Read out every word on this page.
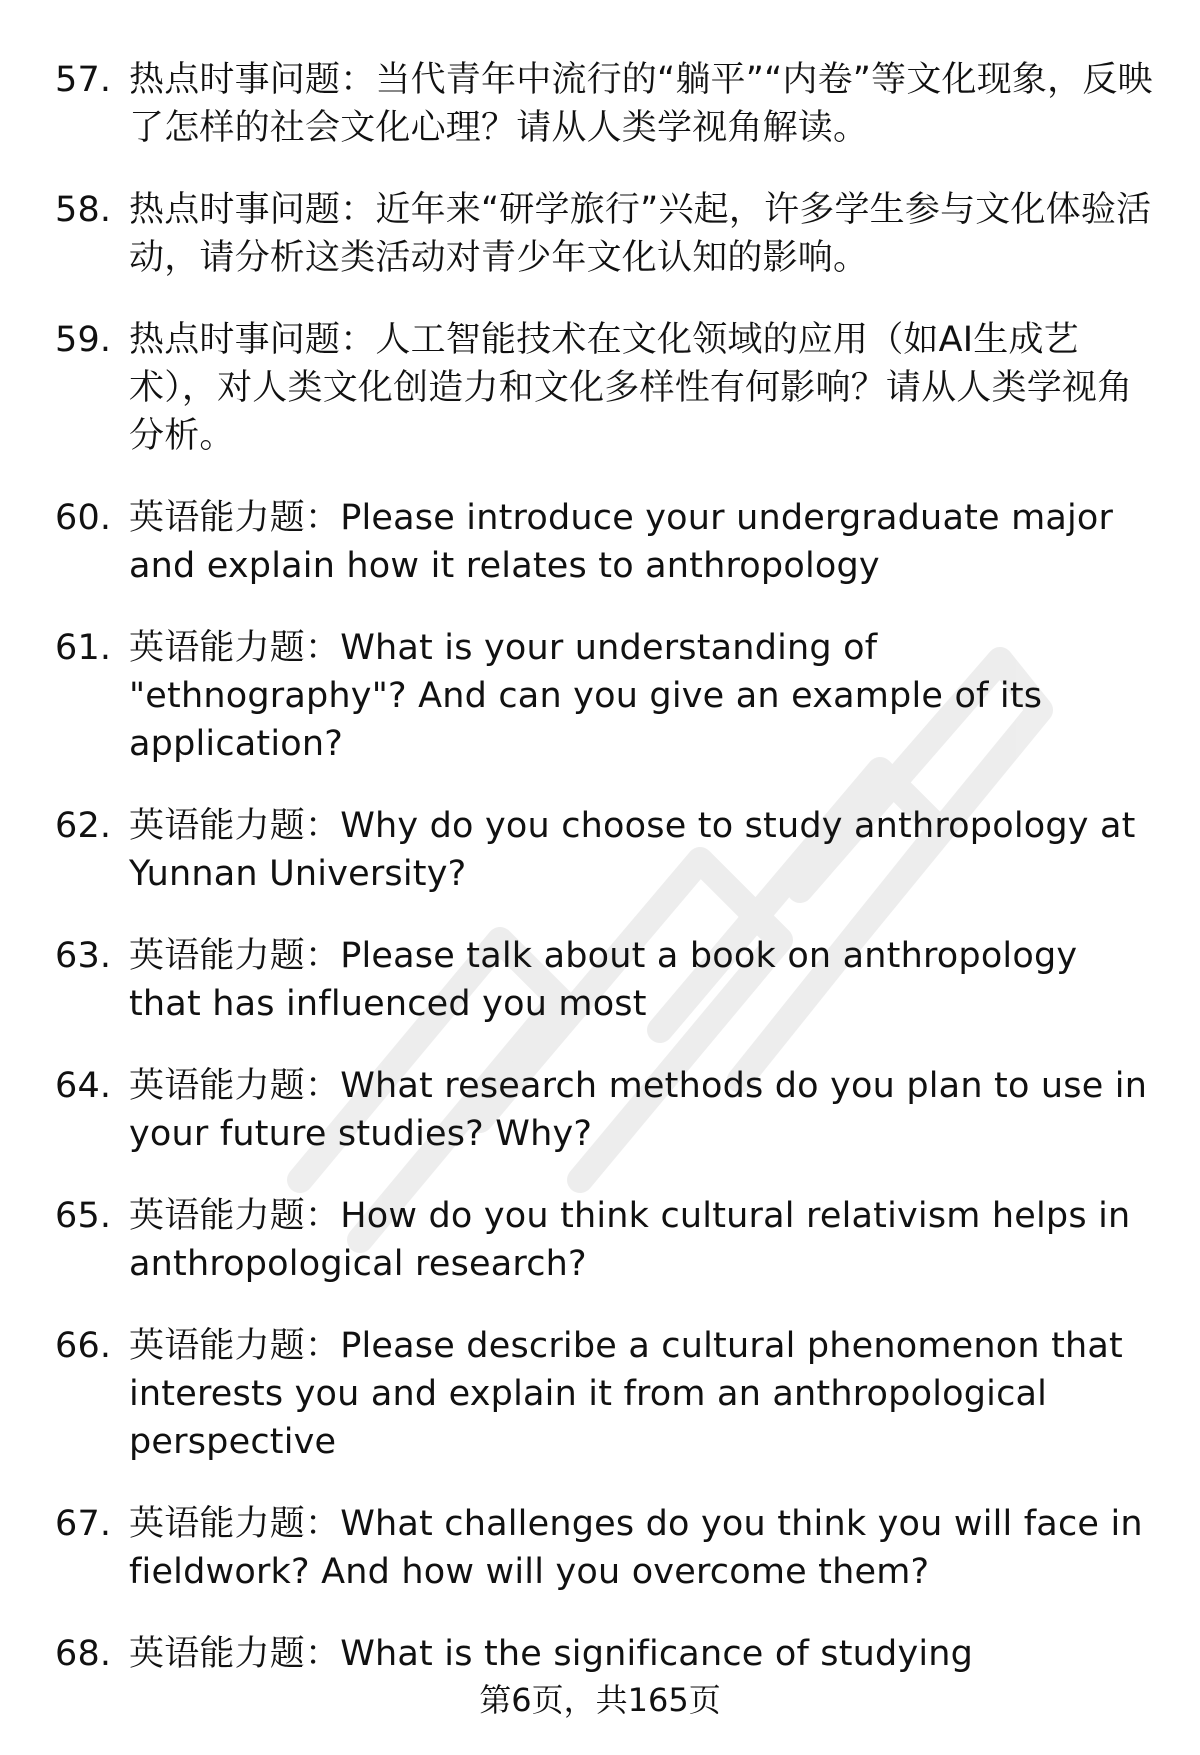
57. 热点时事问题：当代青年中流行的“躺平”“内卷”等文化现象，反映了怎样的社会文化心理？请从人类学视角解读。
58. 热点时事问题：近年来“研学旅行”兴起，许多学生参与文化体验活动，请分析这类活动对青少年文化认知的影响。
59. 热点时事问题：人工智能技术在文化领域的应用（如AI生成艺术），对人类文化创造力和文化多样性有何影响？请从人类学视角分析。
60. 英语能力题：Please introduce your undergraduate major and explain how it relates to anthropology
61. 英语能力题：What is your understanding of "ethnography"? And can you give an example of its application?
62. 英语能力题：Why do you choose to study anthropology at Yunnan University?
63. 英语能力题：Please talk about a book on anthropology that has influenced you most
64. 英语能力题：What research methods do you plan to use in your future studies? Why?
65. 英语能力题：How do you think cultural relativism helps in anthropological research?
66. 英语能力题：Please describe a cultural phenomenon that interests you and explain it from an anthropological perspective
67. 英语能力题：What challenges do you think you will face in fieldwork? And how will you overcome them?
68. 英语能力题：What is the significance of studying
第6页，共165页
